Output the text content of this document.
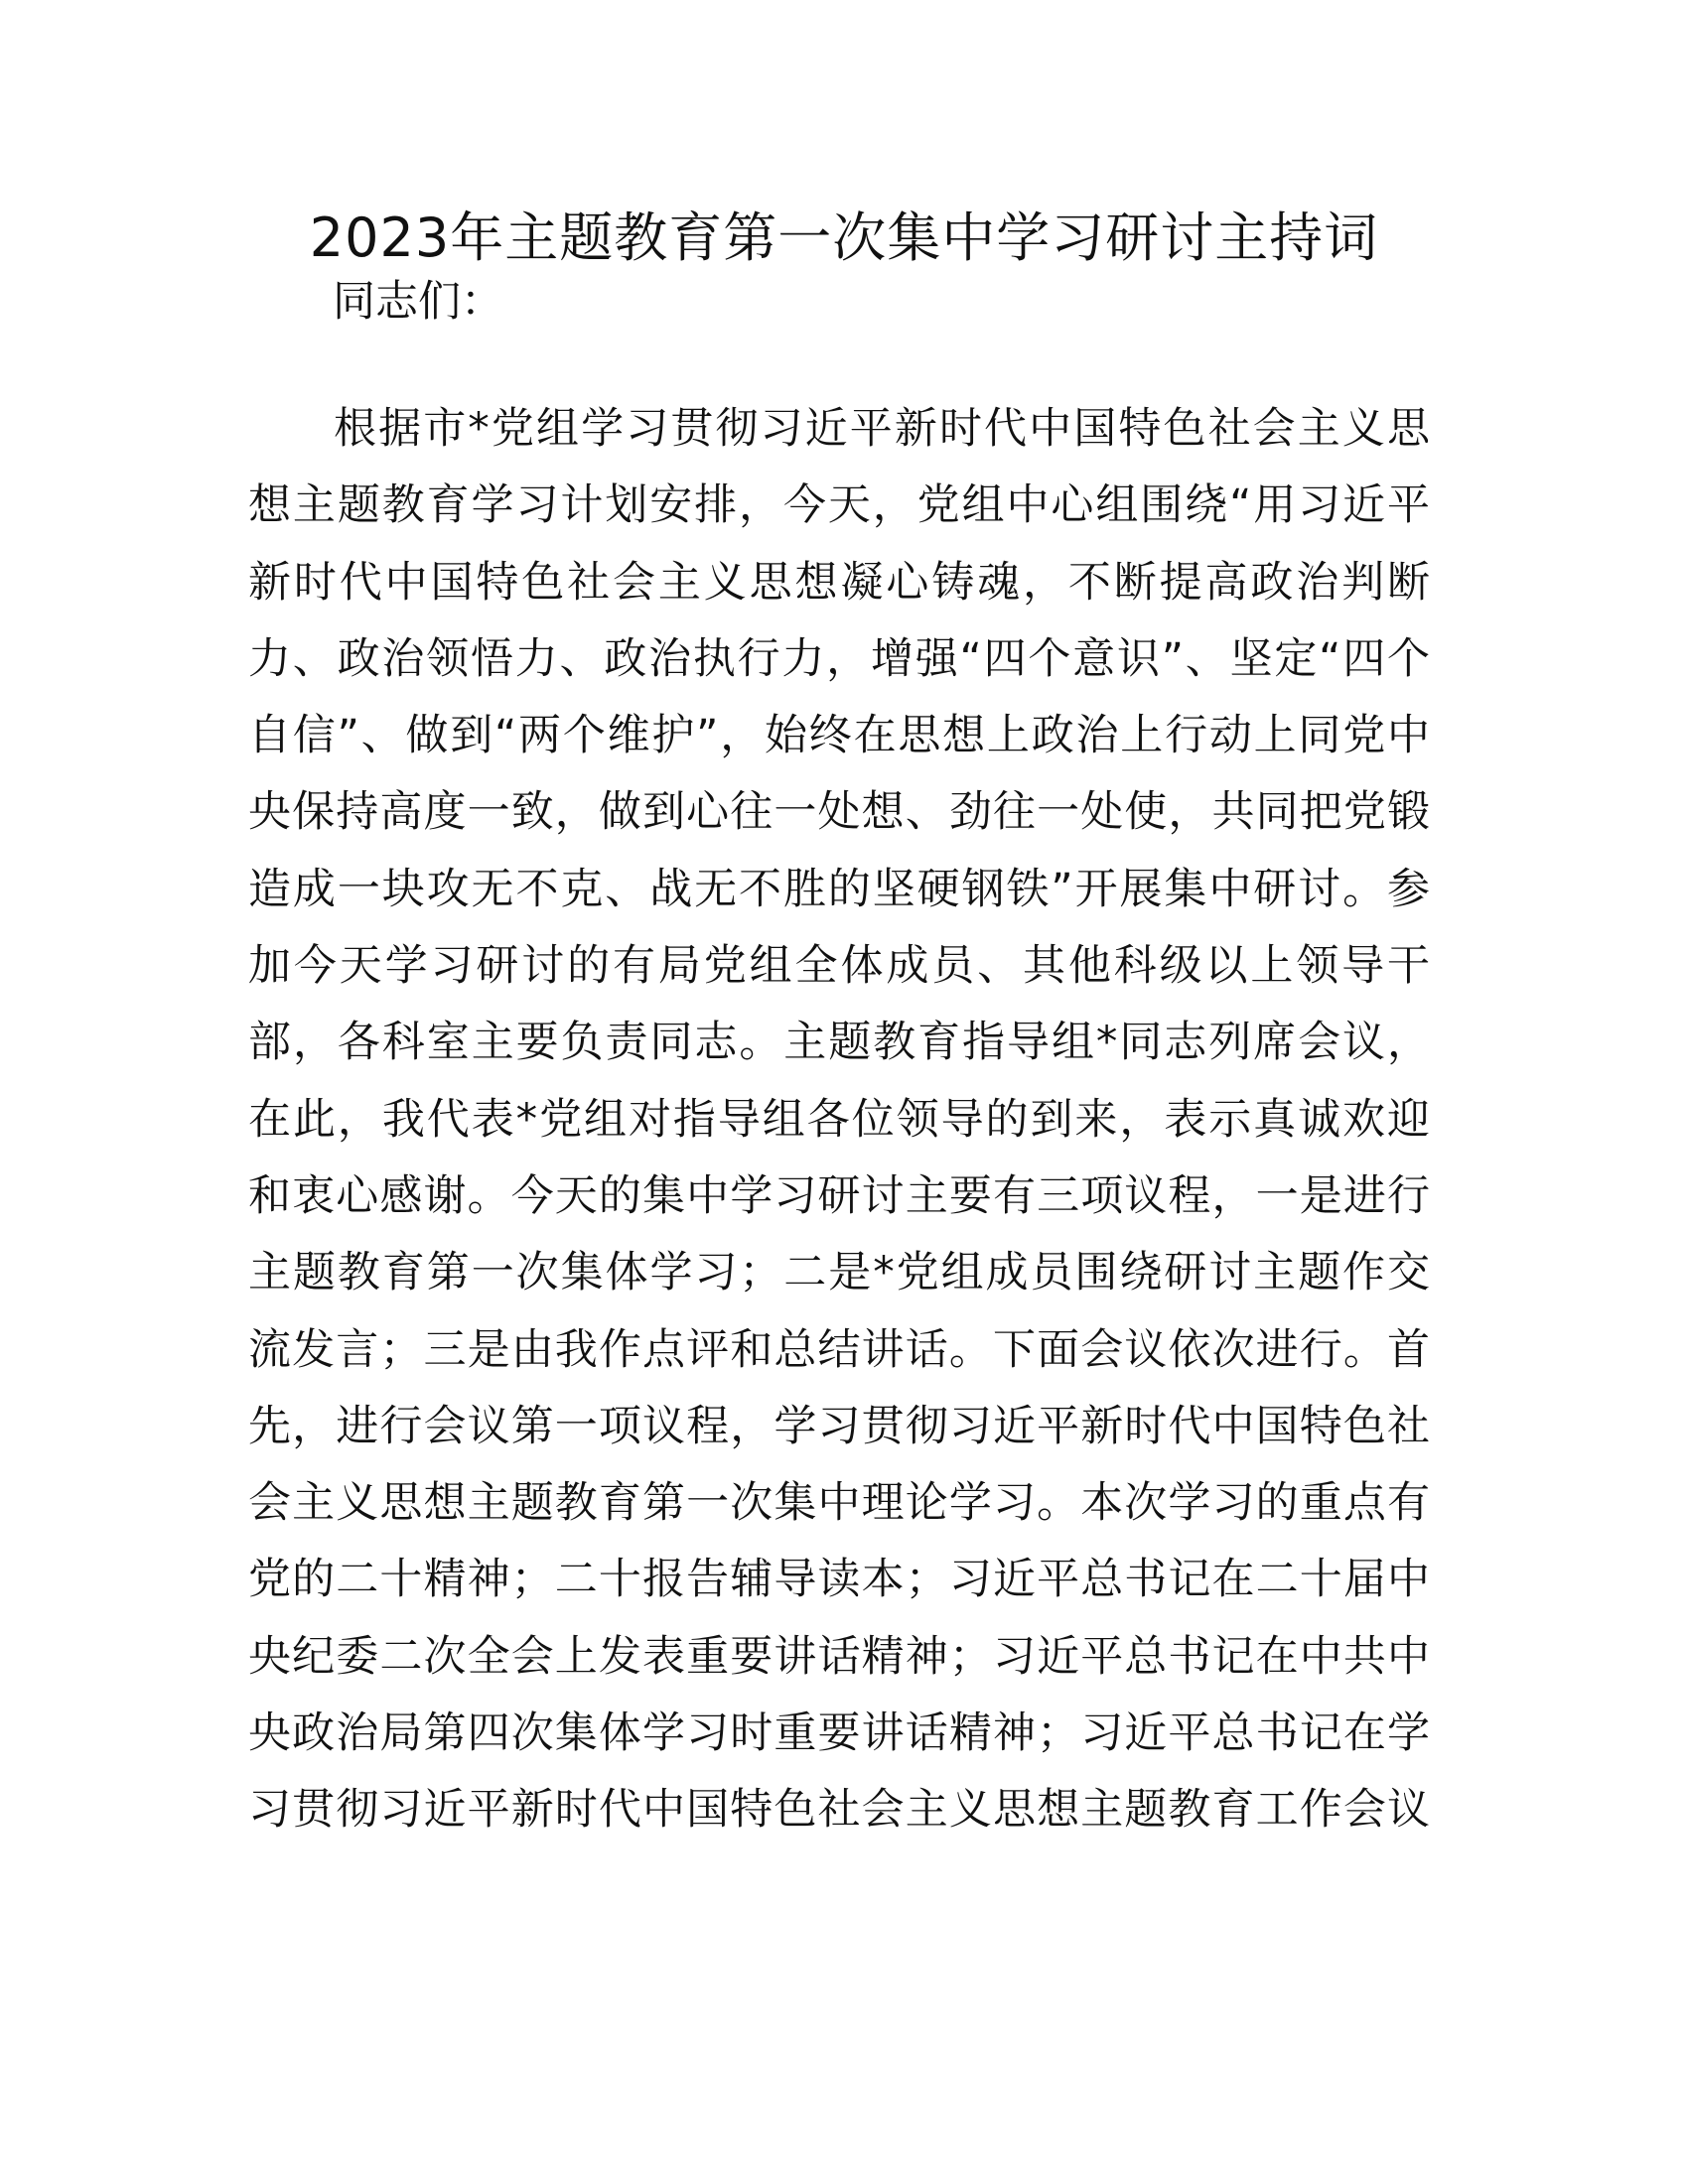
2023年主题教育第一次集中学习研讨主持词
同志们：
根据市*党组学习贯彻习近平新时代中国特色社会主义思
想主题教育学习计划安排，今天，党组中心组围绕“用习近平
新时代中国特色社会主义思想凝心铸魂，不断提高政治判断
力、政治领悟力、政治执行力，增强“四个意识”、坚定“四个
自信”、做到“两个维护”，始终在思想上政治上行动上同党中
央保持高度一致，做到心往一处想、劲往一处使，共同把党锻
造成一块攻无不克、战无不胜的坚硬钢铁”开展集中研讨。参
加今天学习研讨的有局党组全体成员、其他科级以上领导干
部，各科室主要负责同志。主题教育指导组*同志列席会议，
在此，我代表*党组对指导组各位领导的到来，表示真诚欢迎
和衷心感谢。今天的集中学习研讨主要有三项议程，一是进行
主题教育第一次集体学习；二是*党组成员围绕研讨主题作交
流发言；三是由我作点评和总结讲话。下面会议依次进行。首
先，进行会议第一项议程，学习贯彻习近平新时代中国特色社
会主义思想主题教育第一次集中理论学习。本次学习的重点有
党的二十精神；二十报告辅导读本；习近平总书记在二十届中
央纪委二次全会上发表重要讲话精神；习近平总书记在中共中
央政治局第四次集体学习时重要讲话精神；习近平总书记在学
习贯彻习近平新时代中国特色社会主义思想主题教育工作会议
